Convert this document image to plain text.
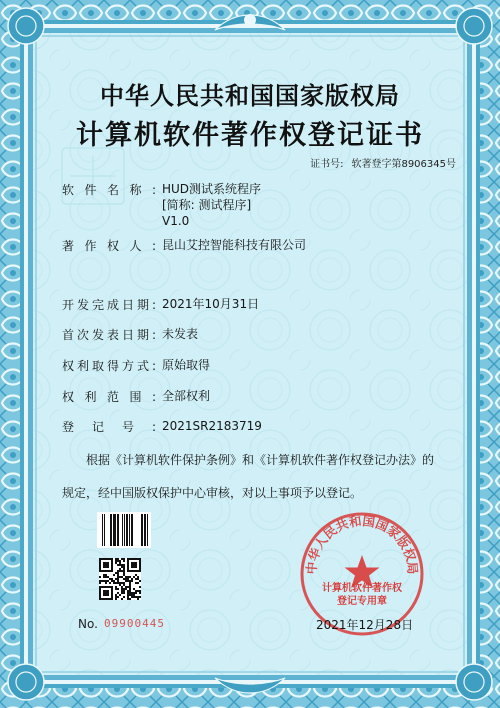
中华人民共和国国家版权局
计算机软件著作权登记证书
证书号: 软著登字第8906345号
软件名称: HUD测试系统程序
[简称: 测试程序]
V1.0
著作权人: 昆山艾控智能科技有限公司
开发完成日期: 2021年10月31日
首次发表日期: 未发表
权利取得方式: 原始取得
权利范围: 全部权利
登记号: 2021SR2183719
根据《计算机软件保护条例》和《计算机软件著作权登记办法》的
规定，经中国版权保护中心审核，对以上事项予以登记。
No. 09900445
中华人民共和国国家版权局
计算机软件著作权
登记专用章
2021年12月28日
